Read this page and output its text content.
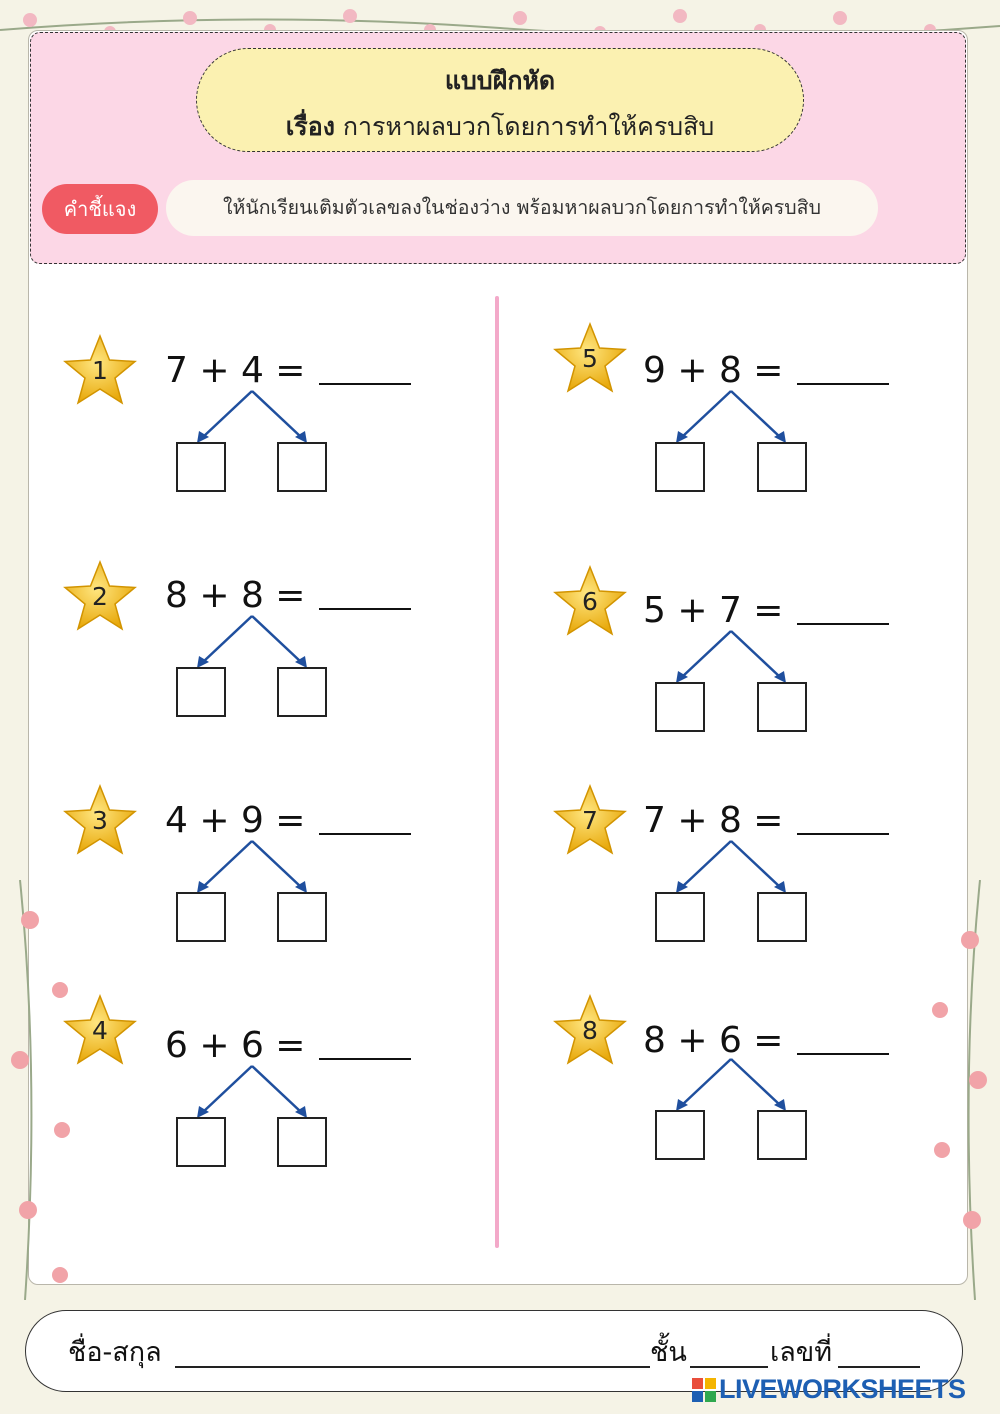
แบบฝึกหัด
เรื่อง การหาผลบวกโดยการทำให้ครบสิบ
คำชี้แจง	ให้นักเรียนเติมตัวเลขลงในช่องว่าง พร้อมหาผลบวกโดยการทำให้ครบสิบ
1	7 + 4 =
2	8 + 8 =
3	4 + 9 =
4	6 + 6 =
5	9 + 8 =
6	5 + 7 =
7	7 + 8 =
8	8 + 6 =
ชื่อ-สกุล	ชั้น	เลขที่
LIVEWORKSHEETS
